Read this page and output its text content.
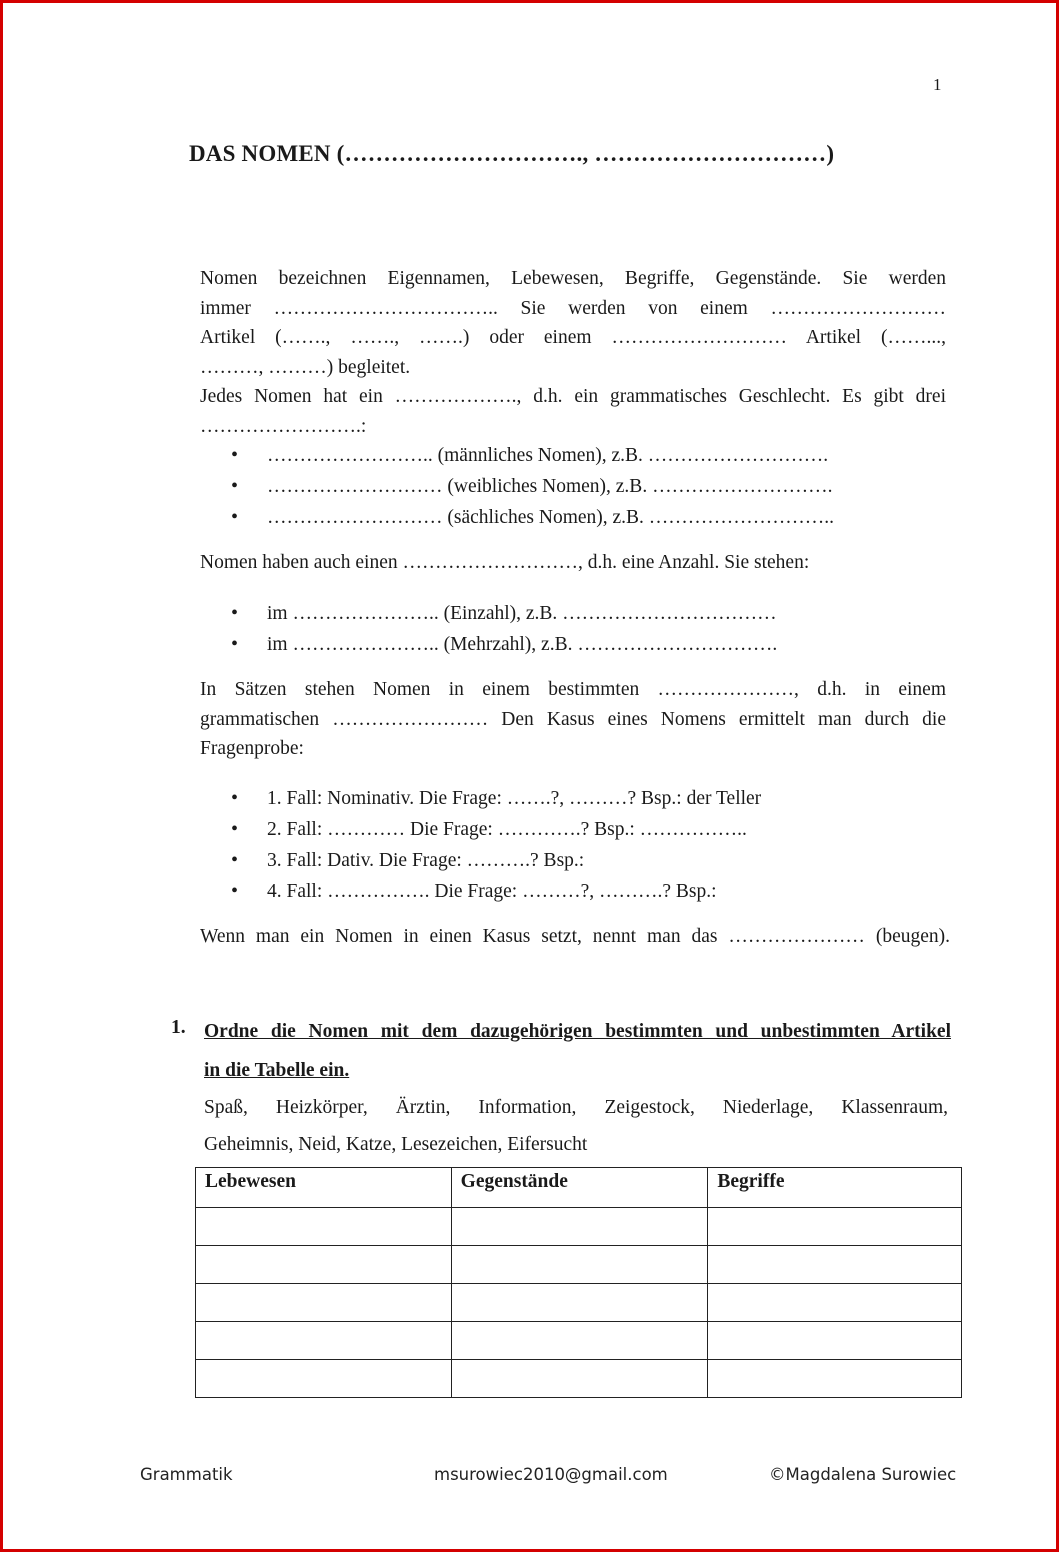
1
DAS NOMEN (…………………………., …………………………)
Nomen bezeichnen Eigennamen, Lebewesen, Begriffe, Gegenstände. Sie werden
immer …………………………….. Sie werden von einem ………………………
Artikel (……., ……., …….) oder einem ……………………… Artikel (……...,
………, ………) begleitet.
Jedes Nomen hat ein ………………., d.h. ein grammatisches Geschlecht. Es gibt drei
…………………….:
• …………………….. (männliches Nomen), z.B. ……………………….
• ……………………… (weibliches Nomen), z.B. ……………………….
• ……………………… (sächliches Nomen), z.B. ………………………..
Nomen haben auch einen ………………………, d.h. eine Anzahl. Sie stehen:
• im ………………….. (Einzahl), z.B. ……………………………
• im ………………….. (Mehrzahl), z.B. ………………………….
In Sätzen stehen Nomen in einem bestimmten …………………, d.h. in einem
grammatischen …………………… Den Kasus eines Nomens ermittelt man durch die
Fragenprobe:
• 1. Fall: Nominativ. Die Frage: …….?, ………? Bsp.: der Teller
• 2. Fall: ………… Die Frage: ………….? Bsp.: ……………..
• 3. Fall: Dativ. Die Frage: ……….? Bsp.:
• 4. Fall: ……………. Die Frage: ………?, ……….? Bsp.:
Wenn man ein Nomen in einen Kasus setzt, nennt man das ………………… (beugen).
1. Ordne die Nomen mit dem dazugehörigen bestimmten und unbestimmten Artikel
in die Tabelle ein.
Spaß, Heizkörper, Ärztin, Information, Zeigestock, Niederlage, Klassenraum,
Geheimnis, Neid, Katze, Lesezeichen, Eifersucht
Lebewesen	Gegenstände	Begriffe

Grammatik	msurowiec2010@gmail.com	©Magdalena Surowiec
